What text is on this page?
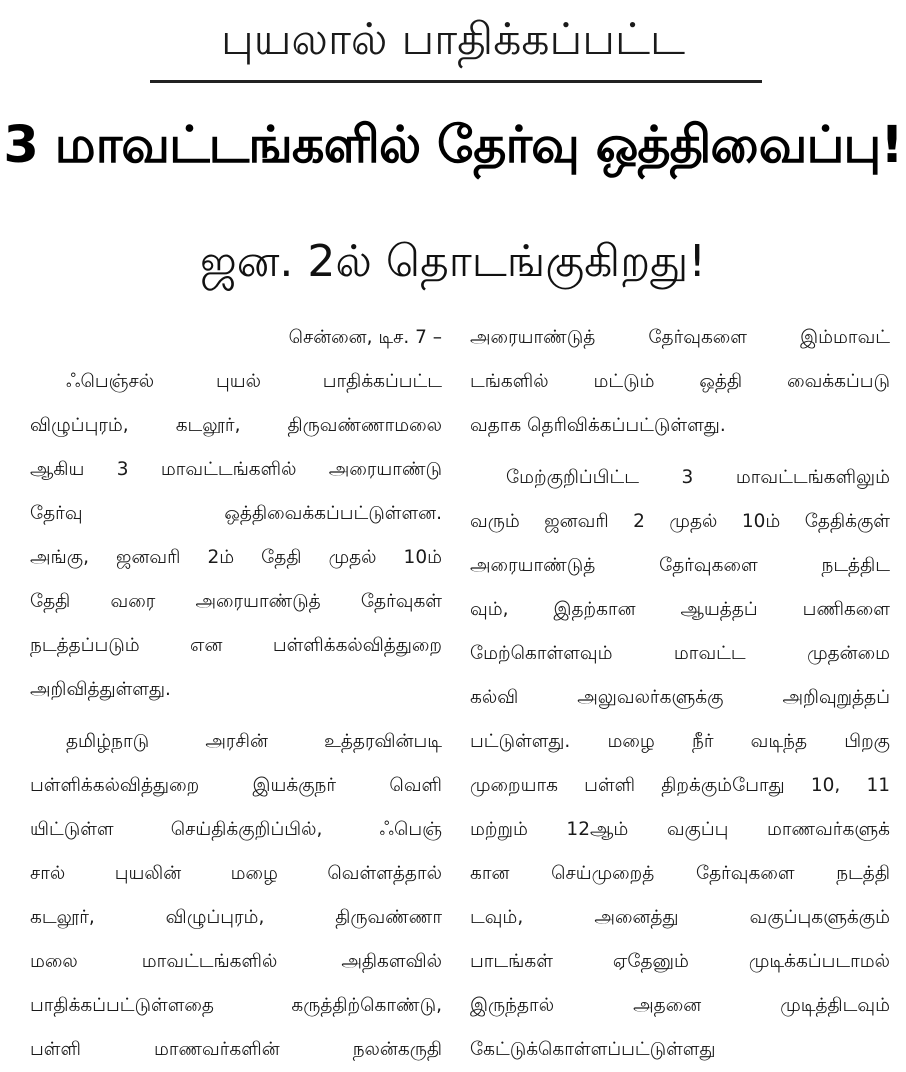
புயலால் பாதிக்கப்பட்ட
3 மாவட்டங்களில் தேர்வு ஒத்திவைப்பு!
ஜன. 2ல் தொடங்குகிறது!
சென்னை, டிச. 7 –
ஃபெஞ்சல் புயல் பாதிக்கப்பட்ட
விழுப்புரம், கடலூர், திருவண்ணாமலை
ஆகிய 3 மாவட்டங்களில் அரையாண்டு
தேர்வு ஒத்திவைக்கப்பட்டுள்ளன.
அங்கு, ஜனவரி 2ம் தேதி முதல் 10ம்
தேதி வரை அரையாண்டுத் தேர்வுகள்
நடத்தப்படும் என பள்ளிக்கல்வித்துறை
அறிவித்துள்ளது.
தமிழ்நாடு அரசின் உத்தரவின்படி
பள்ளிக்கல்வித்துறை இயக்குநர் வெளி
யிட்டுள்ள செய்திக்குறிப்பில், ஃபெஞ்
சால் புயலின் மழை வெள்ளத்தால்
கடலூர், விழுப்புரம், திருவண்ணா
மலை மாவட்டங்களில் அதிகளவில்
பாதிக்கப்பட்டுள்ளதை கருத்திற்கொண்டு,
பள்ளி மாணவர்களின் நலன்கருதி
அரையாண்டுத் தேர்வுகளை இம்மாவட்
டங்களில் மட்டும் ஒத்தி வைக்கப்படு
வதாக தெரிவிக்கப்பட்டுள்ளது.
மேற்குறிப்பிட்ட 3 மாவட்டங்களிலும்
வரும் ஜனவரி 2 முதல் 10ம் தேதிக்குள்
அரையாண்டுத் தேர்வுகளை நடத்திட
வும், இதற்கான ஆயத்தப் பணிகளை
மேற்கொள்ளவும் மாவட்ட முதன்மை
கல்வி அலுவலர்களுக்கு அறிவுறுத்தப்
பட்டுள்ளது. மழை நீர் வடிந்த பிறகு
முறையாக பள்ளி திறக்கும்போது 10, 11
மற்றும் 12ஆம் வகுப்பு மாணவர்களுக்
கான செய்முறைத் தேர்வுகளை நடத்தி
டவும், அனைத்து வகுப்புகளுக்கும்
பாடங்கள் ஏதேனும் முடிக்கப்படாமல்
இருந்தால் அதனை முடித்திடவும்
கேட்டுக்கொள்ளப்பட்டுள்ளது
